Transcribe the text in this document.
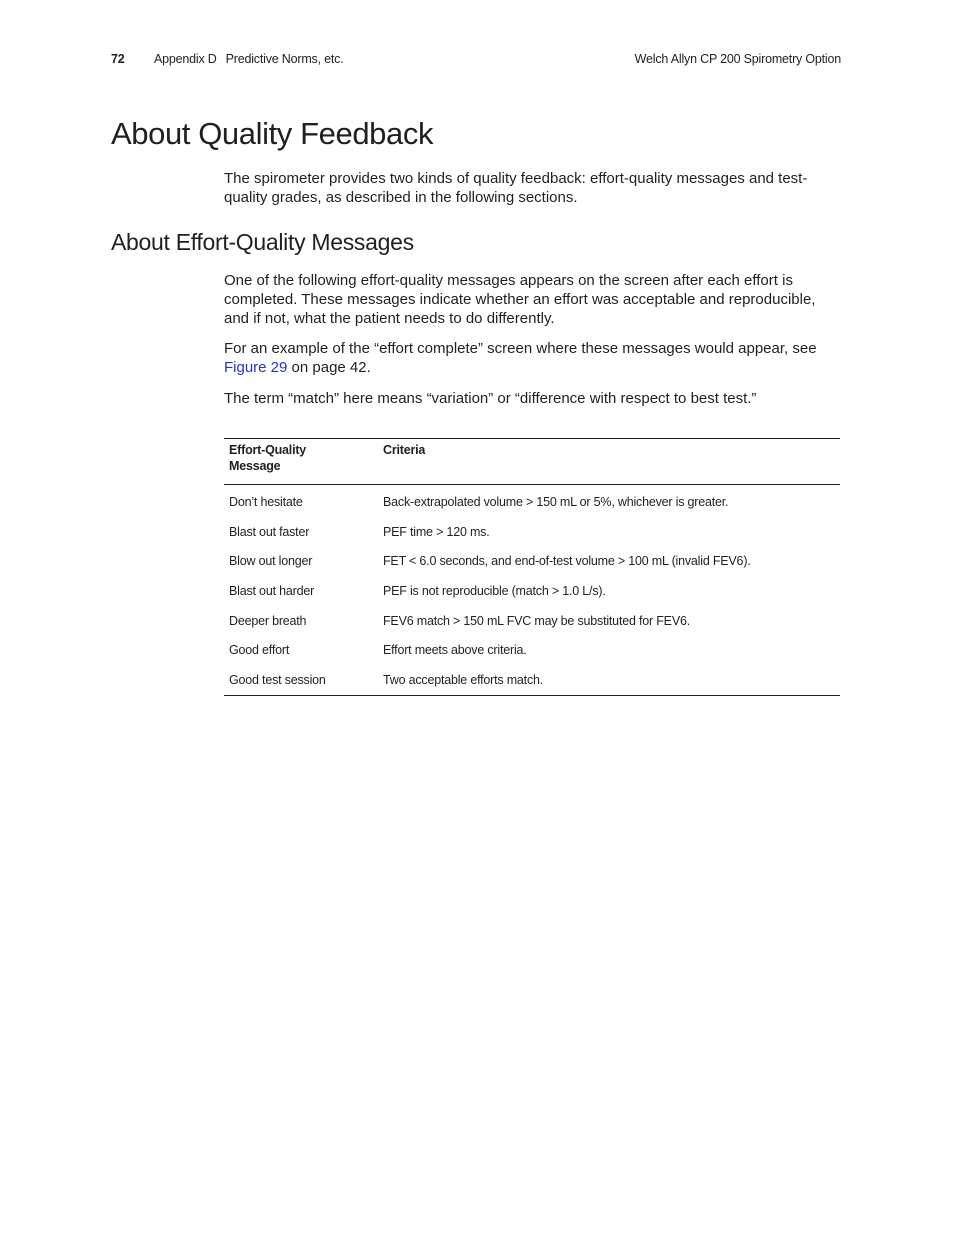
72 Appendix D Predictive Norms, etc.	Welch Allyn CP 200 Spirometry Option
About Quality Feedback

The spirometer provides two kinds of quality feedback: effort-quality messages and test-quality grades, as described in the following sections.

About Effort-Quality Messages

One of the following effort-quality messages appears on the screen after each effort is completed. These messages indicate whether an effort was acceptable and reproducible, and if not, what the patient needs to do differently.

For an example of the “effort complete” screen where these messages would appear, see Figure 29 on page 42.

The term “match” here means “variation” or “difference with respect to best test.”

Effort-Quality
Message	Criteria
Don’t hesitate	Back-extrapolated volume > 150 mL or 5%, whichever is greater.
Blast out faster	PEF time > 120 ms.
Blow out longer	FET < 6.0 seconds, and end-of-test volume > 100 mL (invalid FEV6).
Blast out harder	PEF is not reproducible (match > 1.0 L/s).
Deeper breath	FEV6 match > 150 mL FVC may be substituted for FEV6.
Good effort	Effort meets above criteria.
Good test session	Two acceptable efforts match.
